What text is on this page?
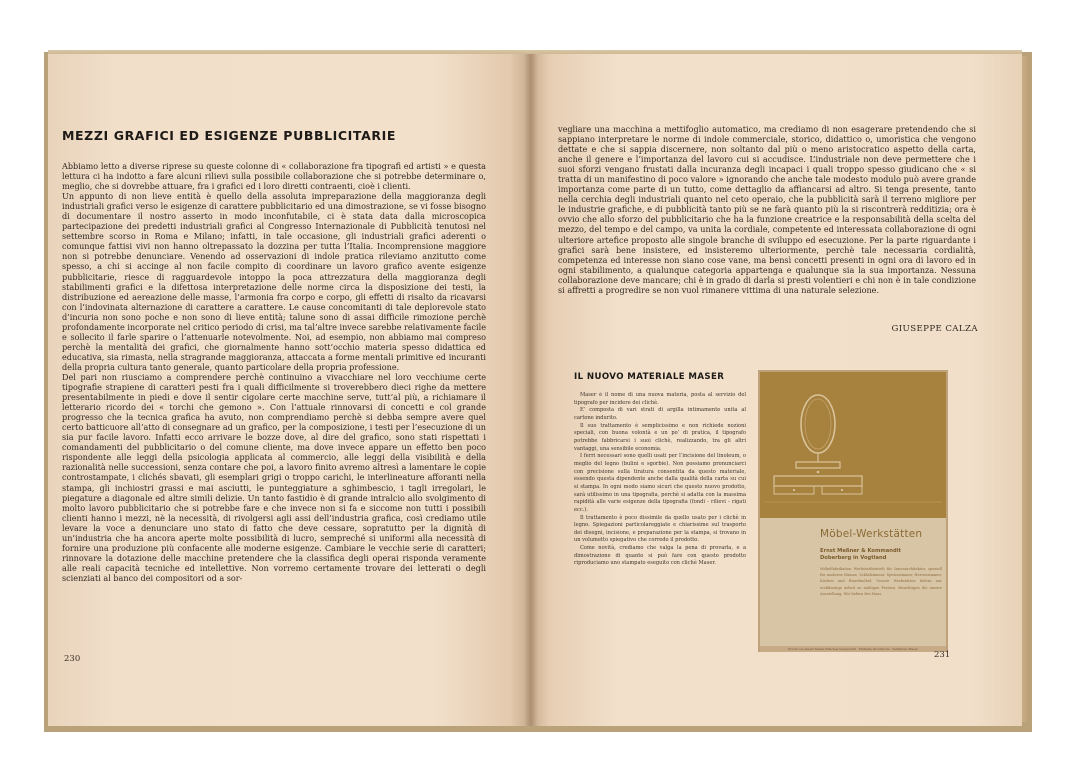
MEZZI GRAFICI ED ESIGENZE PUBBLICITARIE

Abbiamo letto a diverse riprese su queste colonne di « collaborazione fra tipografi ed artisti » e questa lettura ci ha indotto a fare alcuni rilievi sulla possibile collaborazione che si potrebbe determinare o, meglio, che si dovrebbe attuare, fra i grafici ed i loro diretti contraenti, cioè i clienti.

Un appunto di non lieve entità è quello della assoluta impreparazione della maggioranza degli industriali grafici verso le esigenze di carattere pubblicitario ed una dimostrazione, se vi fosse bisogno di documentare il nostro asserto in modo inconfutabile, ci è stata data dalla microscopica partecipazione dei predetti industriali grafici al Congresso Internazionale di Pubblicità tenutosi nel settembre scorso in Roma e Milano; infatti, in tale occasione, gli industriali grafici aderenti o comunque fattisi vivi non hanno oltrepassato la dozzina per tutta l’Italia. Incomprensione maggiore non si potrebbe denunciare. Venendo ad osservazioni di indole pratica rileviamo anzitutto come spesso, a chi si accinge al non facile compito di coordinare un lavoro grafico avente esigenze pubblicitarie, riesce di ragguardevole intoppo la poca attrezzatura della maggioranza degli stabilimenti grafici e la difettosa interpretazione delle norme circa la disposizione dei testi, la distribuzione ed aereazione delle masse, l’armonia fra corpo e corpo, gli effetti di risalto da ricavarsi con l’indovinata alternazione di carattere a carattere. Le cause concomitanti di tale deplorevole stato d’incuria non sono poche e non sono di lieve entità; talune sono di assai difficile rimozione perchè profondamente incorporate nel critico periodo di crisi, ma tal’altre invece sarebbe relativamente facile e sollecito il farle sparire o l’attenuarle notevolmente. Noi, ad esempio, non abbiamo mai compreso perchè la mentalità dei grafici, che giornalmente hanno sott’occhio materia spesso didattica ed educativa, sia rimasta, nella stragrande maggioranza, attaccata a forme mentali primitive ed incuranti della propria cultura tanto generale, quanto particolare della propria professione.

Del pari non riusciamo a comprendere perchè continuino a vivacchiare nel loro vecchiume certe tipografie strapiene di caratteri pesti fra i quali difficilmente si troverebbero dieci righe da mettere presentabilmente in piedi e dove il sentir cigolare certe macchine serve, tutt’al più, a richiamare il letterario ricordo dei « torchi che gemono ». Con l’attuale rinnovarsi di concetti e col grande progresso che la tecnica grafica ha avuto, non comprendiamo perchè si debba sempre avere quel certo batticuore all’atto di consegnare ad un grafico, per la composizione, i testi per l’esecuzione di un sia pur facile lavoro. Infatti ecco arrivare le bozze dove, al dire del grafico, sono stati rispettati i comandamenti del pubblicitario o del comune cliente, ma dove invece appare un effetto ben poco rispondente alle leggi della psicologia applicata al commercio, alle leggi della visibilità e della razionalità nelle successioni, senza contare che poi, a lavoro finito avremo altresì a lamentare le copie controstampate, i clichés sbavati, gli esemplari grigi o troppo carichi, le interlineature afforanti nella stampa, gli inchiostri grassi e mai asciutti, le punteggiature a sghimbescio, i tagli irregolari, le piegature a diagonale ed altre simili delizie. Un tanto fastidio è di grande intralcio allo svolgimento di molto lavoro pubblicitario che si potrebbe fare e che invece non si fa e siccome non tutti i possibili clienti hanno i mezzi, nè la necessità, di rivolgersi agli assi dell’industria grafica, così crediamo utile levare la voce a denunciare uno stato di fatto che deve cessare, sopratutto per la dignità di un’industria che ha ancora aperte molte possibilità di lucro, sempreché si uniformi alla necessità di fornire una produzione più confacente alle moderne esigenze. Cambiare le vecchie serie di caratteri; rinnovare la dotazione delle macchine pretendere che la classifica degli operai risponda veramente alle reali capacità tecniche ed intellettive. Non vorremo certamente trovare dei letterati o degli scienziati al banco dei compositori od a sor-

230

vegliare una macchina a mettifoglio automatico, ma crediamo di non esagerare pretendendo che si sappiano interpretare le norme di indole commerciale, storico, didattico o, umoristica che vengono dettate e che si sappia discernere, non soltanto dal più o meno aristocratico aspetto della carta, anche il genere e l’importanza del lavoro cui si accudisce. L’industriale non deve permettere che i suoi sforzi vengano frustati dalla incuranza degli incapaci i quali troppo spesso giudicano che « si tratta di un manifestino di poco valore » ignorando che anche tale modesto modulo può avere grande importanza come parte di un tutto, come dettaglio da affiancarsi ad altro. Si tenga presente, tanto nella cerchia degli industriali quanto nel ceto operaio, che la pubblicità sarà il terreno migliore per le industrie grafiche, e di pubblicità tanto più se ne farà quanto più la si riscontrerà redditizia; ora è ovvio che allo sforzo del pubblicitario che ha la funzione creatrice e la responsabilità della scelta del mezzo, del tempo e del campo, va unita la cordiale, competente ed interessata collaborazione di ogni ulteriore artefice proposto alle singole branche di sviluppo ed esecuzione. Per la parte riguardante i grafici sarà bene insistere, ed insisteremo ulteriormente, perchè tale necessaria cordialità, competenza ed interesse non siano cose vane, ma bensì concetti presenti in ogni ora di lavoro ed in ogni stabilimento, a qualunque categoria appartenga e qualunque sia la sua importanza. Nessuna collaborazione deve mancare; chi è in grado di darla si presti volentieri e chi non è in tale condizione si affretti a progredire se non vuol rimanere vittima di una naturale selezione.

GIUSEPPE CALZA
IL NUOVO MATERIALE MASER

Maser è il nome di una nuova materia, posta al servizio del tipografo per incidere dei clichè.

E’ composta di vari strati di argilla intimamente unita al cartone indurito.

Il suo trattamento è semplicissimo e non richiede nozioni speciali, con buona volontà e un po’ di pratica, il tipografo potrebbe fabbricarsi i suoi clichè, realizzando, tra gli altri vantaggi, una sensibile economia.

I ferri necessari sono quelli usati per l’incisione del linoleum, o meglio del legno (bulini e sgorbie). Non possiamo pronunciarci con precisione sulla tiratura consentita da questo materiale, essendo questa dipendente anche dalla qualità della carta su cui si stampa. In ogni modo siamo sicuri che questo nuovo prodotto, sarà utilissimo in una tipografia, perchè si adatta con la massima rapidità alle varie esigenze della tipografia (fondi - rilievi - rigati ecc.).

Il trattamento è poco dissimile da quello usato per i clichè in legno. Spiegazioni particolareggiate e chiarissime sul trasporto dei disegni, incisione, e preparazione per la stampa, si trovano in un volumetto spiegativo che corredo il prodotto.

Come novità, crediamo che valga la pena di provarla, e a dimostrazione di quanto si può fare con questo prodotto riproduciamo uno stampato eseguito con clichè Maser.

Möbel-Werkstätten
Ernst Meßner & Kommandit
Doberberg in Vogtland
Möbelfabrikation Werkstattbetrieb für Innenarchitektur, speziell für moderne Räume, Schlafzimmer, Speisezimmer, Herrenzimmer, Küchen und Einzelmöbel. Unsere Werkstätten liefern nur erstklassige Arbeit zu mäßigen Preisen. Besichtigen Sie unsere Ausstellung. Wir liefern frei Haus.
Druck von einem Maser-Klischee hergestellt · Einfache Druckform · Verfahren Maser
231
